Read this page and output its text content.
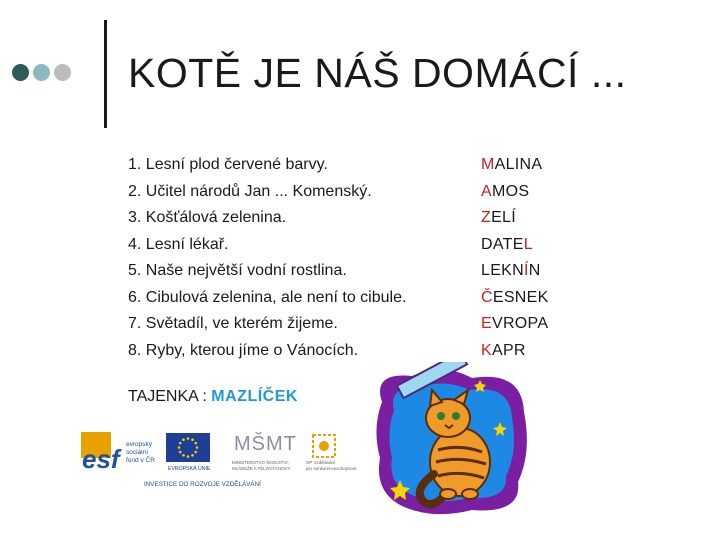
KOTĚ JE NÁŠ DOMÁCÍ ...
1. Lesní plod červené barvy.
2. Učitel národů Jan ... Komenský.
3. Košťálová zelenina.
4. Lesní lékař.
5. Naše největší vodní rostlina.
6. Cibulová zelenina, ale není to cibule.
7. Světadíl, ve kterém žijeme.
8. Ryby, kterou jíme o Vánocích.
MALINA
AMOS
ZELÍ
DATEL
LEKNÍN
ČESNEK
EVROPA
KAPR
TAJENKA : MAZLÍČEK
esf evropský
sociální
fond v ČR
EVROPSKÁ UNIE
MŠMT
MINISTERSTVO ŠKOLSTVÍ,
MLÁDEŽE A TĚLOVÝCHOVY
OP Vzdělávání
pro konkurenceschopnost
INVESTICE DO ROZVOJE VZDĚLÁVÁNÍ
